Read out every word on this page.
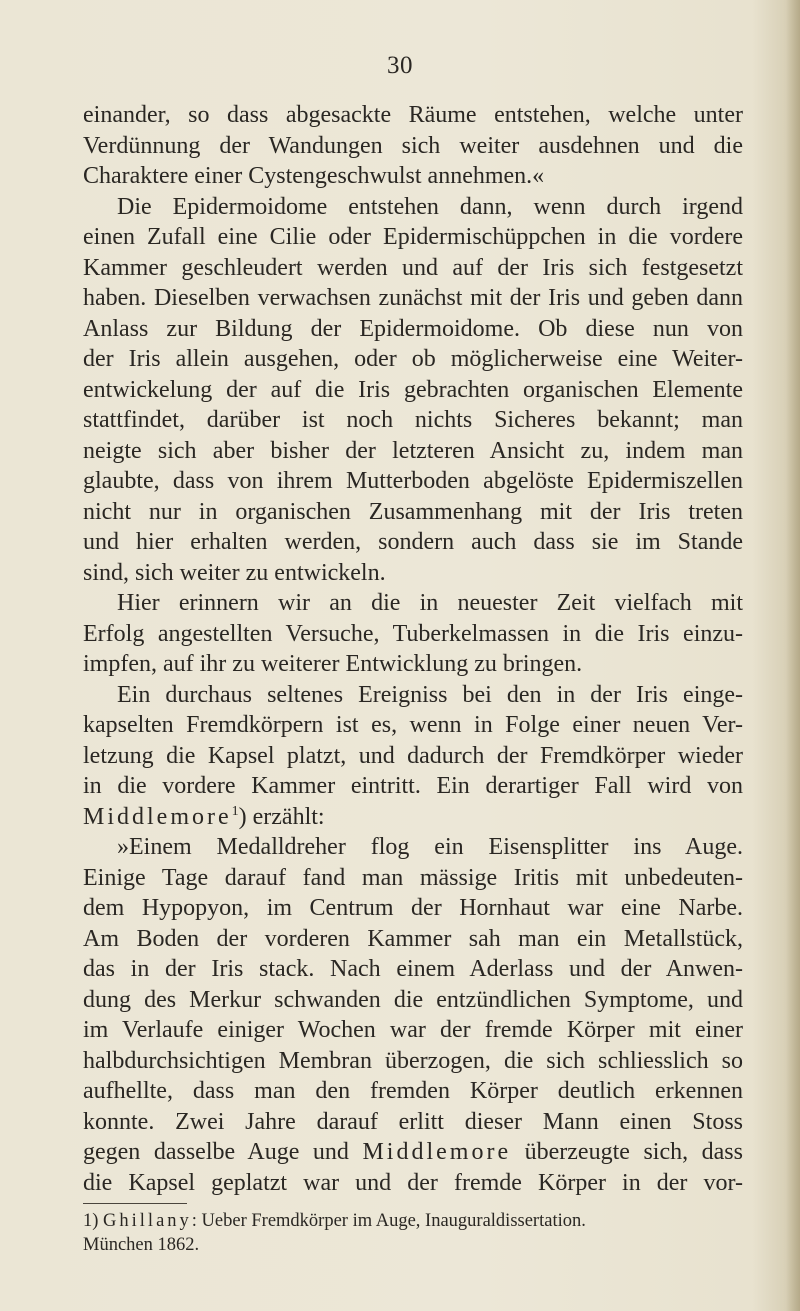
30
einander, so dass abgesackte Räume entstehen, welche unter
Verdünnung der Wandungen sich weiter ausdehnen und die
Charaktere einer Cystengeschwulst annehmen.«
Die Epidermoidome entstehen dann, wenn durch irgend
einen Zufall eine Cilie oder Epidermischüppchen in die vordere
Kammer geschleudert werden und auf der Iris sich festgesetzt
haben. Dieselben verwachsen zunächst mit der Iris und geben dann
Anlass zur Bildung der Epidermoidome. Ob diese nun von
der Iris allein ausgehen, oder ob möglicherweise eine Weiter-
entwickelung der auf die Iris gebrachten organischen Elemente
stattfindet, darüber ist noch nichts Sicheres bekannt; man
neigte sich aber bisher der letzteren Ansicht zu, indem man
glaubte, dass von ihrem Mutterboden abgelöste Epidermiszellen
nicht nur in organischen Zusammenhang mit der Iris treten
und hier erhalten werden, sondern auch dass sie im Stande
sind, sich weiter zu entwickeln.
Hier erinnern wir an die in neuester Zeit vielfach mit
Erfolg angestellten Versuche, Tuberkelmassen in die Iris einzu-
impfen, auf ihr zu weiterer Entwicklung zu bringen.
Ein durchaus seltenes Ereigniss bei den in der Iris einge-
kapselten Fremdkörpern ist es, wenn in Folge einer neuen Ver-
letzung die Kapsel platzt, und dadurch der Fremdkörper wieder
in die vordere Kammer eintritt. Ein derartiger Fall wird von
Middlemore$^1$) erzählt:
»Einem Medalldreher flog ein Eisensplitter ins Auge.
Einige Tage darauf fand man mässige Iritis mit unbedeuten-
dem Hypopyon, im Centrum der Hornhaut war eine Narbe.
Am Boden der vorderen Kammer sah man ein Metallstück,
das in der Iris stack. Nach einem Aderlass und der Anwen-
dung des Merkur schwanden die entzündlichen Symptome, und
im Verlaufe einiger Wochen war der fremde Körper mit einer
halbdurchsichtigen Membran überzogen, die sich schliesslich so
aufhellte, dass man den fremden Körper deutlich erkennen
konnte. Zwei Jahre darauf erlitt dieser Mann einen Stoss
gegen dasselbe Auge und Middlemore überzeugte sich, dass
die Kapsel geplatzt war und der fremde Körper in der vor-
1) Ghillany: Ueber Fremdkörper im Auge, Inauguraldissertation.
München 1862.
